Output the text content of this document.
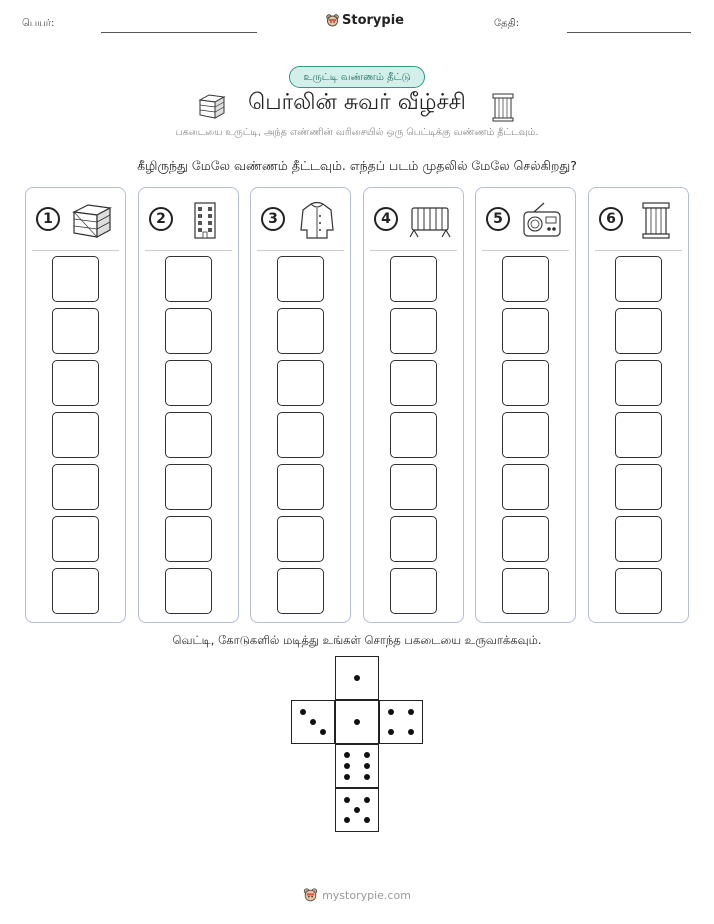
பெயர்:	Storypie	தேதி:
உருட்டி வண்ணம் தீட்டு
பெர்லின் சுவர் வீழ்ச்சி
பகடையை உருட்டி, அந்த எண்ணின் வரிசையில் ஒரு பெட்டிக்கு வண்ணம் தீட்டவும்.
கீழிருந்து மேலே வண்ணம் தீட்டவும். எந்தப் படம் முதலில் மேலே செல்கிறது?
1	2	3	4	5	6
வெட்டி, கோடுகளில் மடித்து உங்கள் சொந்த பகடையை உருவாக்கவும்.
mystorypie.com
